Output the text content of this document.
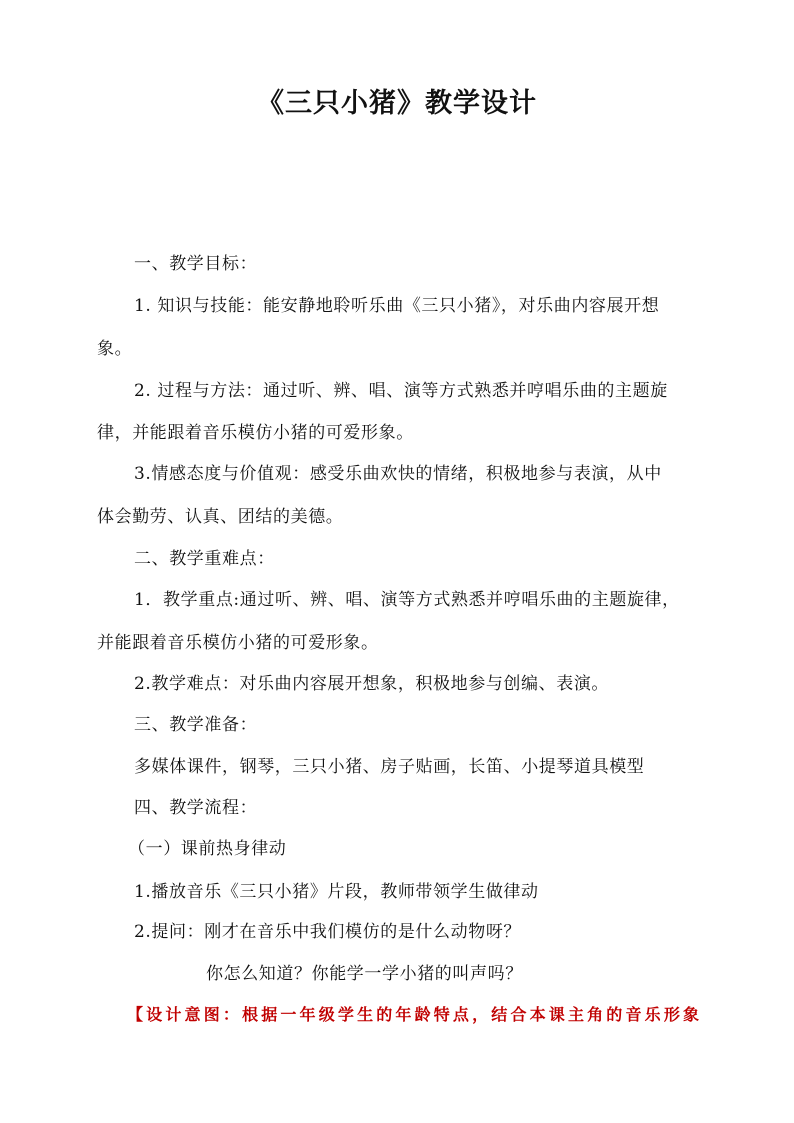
《三只小猪》教学设计
一、教学目标：
1. 知识与技能：能安静地聆听乐曲《三只小猪》，对乐曲内容展开想
象。
2. 过程与方法：通过听、辨、唱、演等方式熟悉并哼唱乐曲的主题旋
律，并能跟着音乐模仿小猪的可爱形象。
3.情感态度与价值观：感受乐曲欢快的情绪，积极地参与表演，从中
体会勤劳、认真、团结的美德。
二、教学重难点：
1．教学重点:通过听、辨、唱、演等方式熟悉并哼唱乐曲的主题旋律，
并能跟着音乐模仿小猪的可爱形象。
2.教学难点：对乐曲内容展开想象，积极地参与创编、表演。
三、教学准备：
多媒体课件，钢琴，三只小猪、房子贴画，长笛、小提琴道具模型
四、教学流程：
（一）课前热身律动
1.播放音乐《三只小猪》片段，教师带领学生做律动
2.提问：刚才在音乐中我们模仿的是什么动物呀？
你怎么知道？你能学一学小猪的叫声吗？
【设计意图：根据一年级学生的年龄特点，结合本课主角的音乐形象
